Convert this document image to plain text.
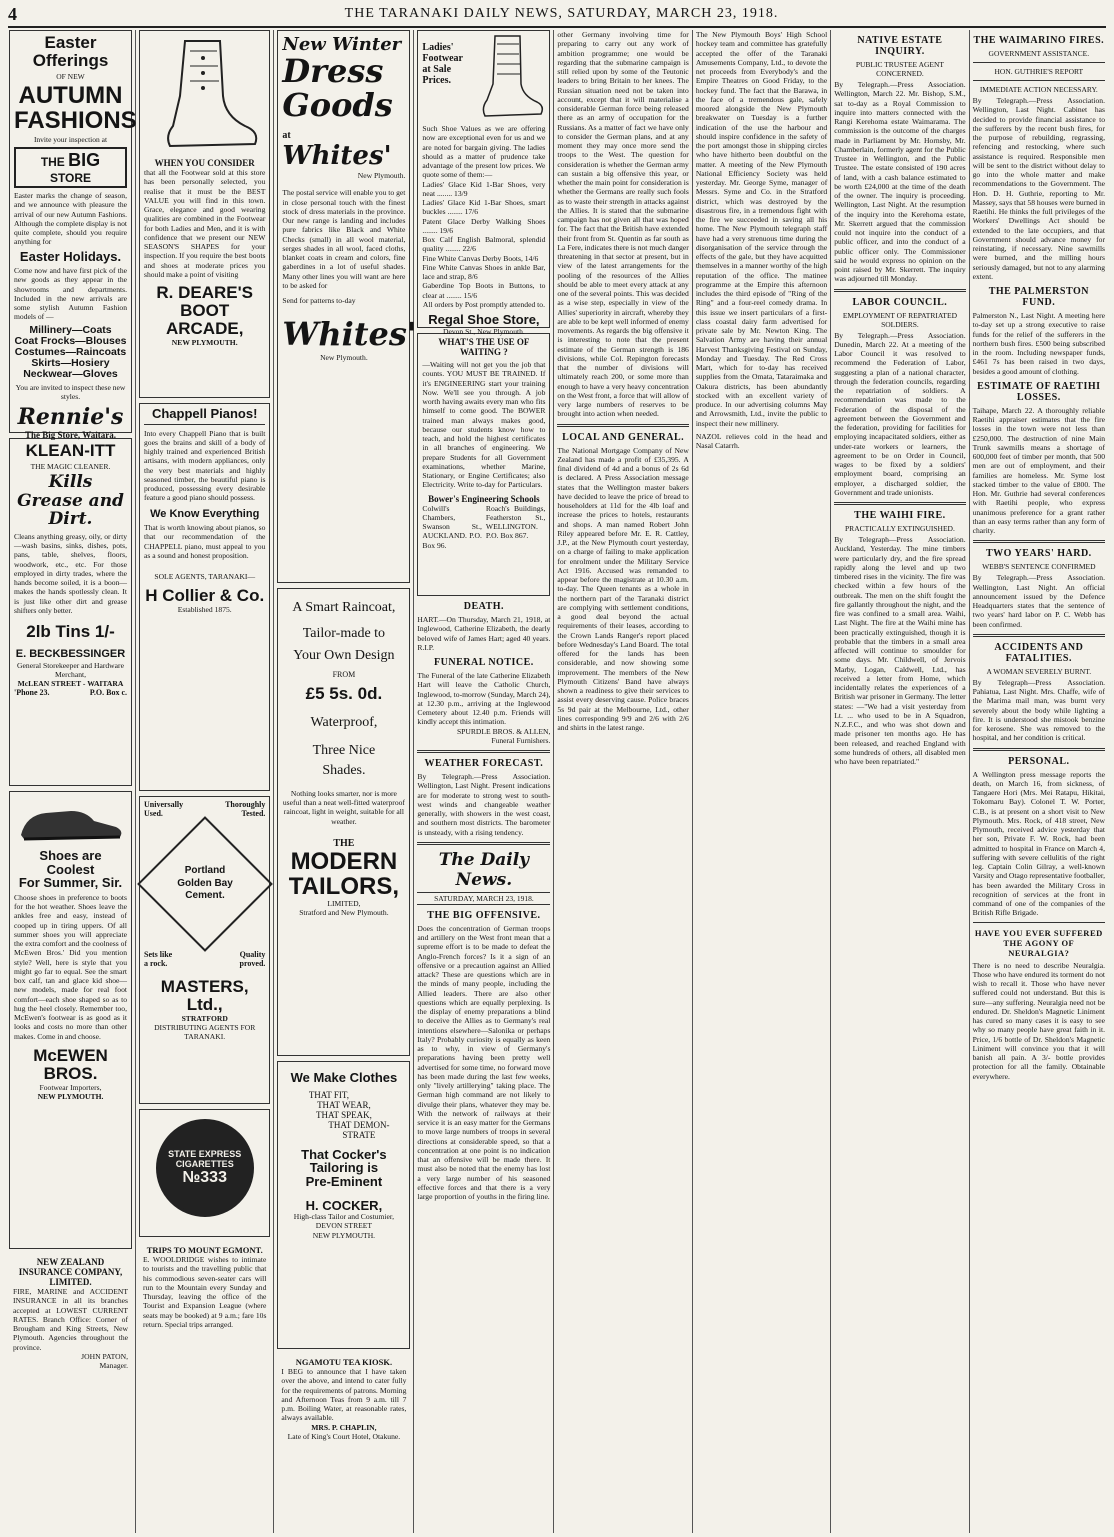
4	THE TARANAKI DAILY NEWS, SATURDAY, MARCH 23, 1918.
Easter
Offerings
OF NEW
AUTUMN
FASHIONS
Invite your inspection at
THE BIG STORE
Easter marks the change of season, and we announce with pleasure the arrival of our new Autumn Fashions. Although the complete display is not quite complete, should you require anything for
Easter Holidays.
Come now and have first pick of the new goods as they appear in the showrooms and departments. Included in the new arrivals are some stylish Autumn Fashion models of —
Millinery—Coats
Coat Frocks—Blouses
Costumes—Raincoats
Skirts—Hosiery
Neckwear—Gloves
You are invited to inspect these new styles.
Rennie's
The Big Store, Waitara.
KLEAN-ITT
THE MAGIC CLEANER.
Kills Grease and Dirt.
Cleans anything greasy, oily, or dirty—wash basins, sinks, dishes, pots, pans, table, shelves, floors, woodwork, etc., etc. For those employed in dirty trades, where the hands become soiled, it is a boon—makes the hands spotlessly clean. It is just like other dirt and grease shifters only better.
2lb Tins 1/-
E. BECKBESSINGER
General Storekeeper and Hardware Merchant,
McLEAN STREET - WAITARA
'Phone 23.	P.O. Box c.
Shoes are Coolest
For Summer, Sir.
Choose shoes in preference to boots for the hot weather. Shoes leave the ankles free and easy, instead of cooped up in tiring uppers. Of all summer shoes you will appreciate the extra comfort and the coolness of McEwen Bros.' Did you mention style? Well, here is style that you might go far to equal. See the smart box calf, tan and glace kid shoe—new models, made for real foot comfort—each shoe shaped so as to hug the heel closely. Remember too, McEwen's footwear is as good as it looks and costs no more than other makes. Come in and choose.
McEWEN BROS.
Footwear Importers,
NEW PLYMOUTH.
NEW ZEALAND INSURANCE COMPANY, LIMITED.
FIRE, MARINE and ACCIDENT INSURANCE in all its branches accepted at LOWEST CURRENT RATES. Branch Office: Corner of Brougham and King Streets, New Plymouth. Agencies throughout the province.
JOHN PATON,
Manager.
WHEN YOU CONSIDER
that all the Footwear sold at this store has been personally selected, you realise that it must be the BEST VALUE you will find in this town. Grace, elegance and good wearing qualities are combined in the Footwear for both Ladies and Men, and it is with confidence that we present our NEW SEASON'S SHAPES for your inspection. If you require the best boots and shoes at moderate prices you should make a point of visiting
R. DEARE'S
BOOT
ARCADE,
NEW PLYMOUTH.
Chappell Pianos!
Into every Chappell Piano that is built goes the brains and skill of a body of highly trained and experienced British artisans, with modern appliances, only the very best materials and highly seasoned timber, the beautiful piano is produced, possessing every desirable feature a good piano should possess.
We Know Everything
That is worth knowing about pianos, so that our recommendation of the CHAPPELL piano, must appeal to you as a sound and honest proposition.
SOLE AGENTS, TARANAKI—
H Collier & Co.
Established 1875.
Universally	Thoroughly
Used.	Tested.
Portland
Golden Bay
Cement.
Sets like	Quality
a rock.	proved.
MASTERS, Ltd.,
STRATFORD
DISTRIBUTING AGENTS FOR TARANAKI.
STATE EXPRESS
CIGARETTES
№333
TRIPS TO MOUNT EGMONT.
E. WOOLDRIDGE wishes to intimate to tourists and the travelling public that his commodious seven-seater cars will run to the Mountain every Sunday and Thursday, leaving the office of the Tourist and Expansion League (where seats may be booked) at 9 a.m.; fare 10s return. Special trips arranged.
New Winter
Dress
Goods
at
Whites'
New Plymouth.
The postal service will enable you to get in close personal touch with the finest stock of dress materials in the province. Our new range is landing and includes pure fabrics like Black and White Checks (small) in all wool material, serges shades in all wool, faced cloths, blanket coats in cream and colors, fine gaberdines in a lot of useful shades. Many other lines you will want are here to be asked for
Send for patterns to-day
Whites'
New Plymouth.
A Smart Raincoat,
Tailor-made to
Your Own Design
FROM
£5 5s. 0d.
Waterproof,
Three Nice
Shades.
Nothing looks smarter, nor is more useful than a neat well-fitted waterproof raincoat, light in weight, suitable for all weather.
THE
MODERN
TAILORS,
LIMITED,
Stratford and New Plymouth.
We Make Clothes
THAT FIT,
THAT WEAR,
THAT SPEAK,
THAT DEMON-
STRATE
That Cocker's
Tailoring is
Pre-Eminent
H. COCKER,
High-class Tailor and Costumier,
DEVON STREET
NEW PLYMOUTH.
NGAMOTU TEA KIOSK.
I BEG to announce that I have taken over the above, and intend to cater fully for the requirements of patrons. Morning and Afternoon Teas from 9 a.m. till 7 p.m. Boiling Water, at reasonable rates, always available.
MRS. P. CHAPLIN,
Late of King's Court Hotel, Otakune.
Ladies'
Footwear
at Sale
Prices.
Such Shoe Values as we are offering now are exceptional even for us and we are noted for bargain giving. The ladies should as a matter of prudence take advantage of the present low prices. We quote some of them:—
Ladies' Glace Kid 1-Bar Shoes, very neat ........ 13/9
Ladies' Glace Kid 1-Bar Shoes, smart buckles ........ 17/6
Patent Glace Derby Walking Shoes ........ 19/6
Box Calf English Balmoral, splendid quality ........ 22/6
Fine White Canvas Derby Boots, 14/6
Fine White Canvas Shoes in ankle Bar, lace and strap, 8/6
Gaberdine Top Boots in Buttons, to clear at ........ 15/6
All orders by Post promptly attended to.
Regal Shoe Store,
Devon St., New Plymouth.
WHAT'S THE USE OF WAITING ?
—Waiting will not get you the job that counts. YOU MUST BE TRAINED. If it's ENGINEERING start your training Now. We'll see you through. A job worth having awaits every man who fits himself to come good. The BOWER trained man always makes good, because our students know how to teach, and hold the highest certificates in all branches of engineering. We prepare Students for all Government examinations, whether Marine, Stationary, or Engine Certificates; also Electricity. Write to-day for Particulars.
Bower's Engineering Schools
Colwill's Chambers, Swanson St., AUCKLAND. P.O. Box 96.
Roach's Buildings, Featherston St., WELLINGTON. P.O. Box 867.
DEATH.
HART.—On Thursday, March 21, 1918, at Inglewood, Catherine Elizabeth, the dearly beloved wife of James Hart; aged 40 years. R.I.P.
FUNERAL NOTICE.
The Funeral of the late Catherine Elizabeth Hart will leave the Catholic Church, Inglewood, to-morrow (Sunday, March 24), at 12.30 p.m., arriving at the Inglewood Cemetery about 12.40 p.m. Friends will kindly accept this intimation.
SPURDLE BROS. & ALLEN,
Funeral Furnishers.
WEATHER FORECAST.
By Telegraph.—Press Association. Wellington, Last Night. Present indications are for moderate to strong west to south-west winds and changeable weather generally, with showers in the west coast, and southern most districts. The barometer is unsteady, with a rising tendency.
The Daily News.
SATURDAY, MARCH 23, 1918.
THE BIG OFFENSIVE.
Does the concentration of German troops and artillery on the West front mean that a supreme effort is to be made to defeat the Anglo-French forces? Is it a sign of an offensive or a precaution against an Allied attack? These are questions which are in the minds of many people, including the Allied leaders. There are also other questions which are equally perplexing. Is the display of enemy preparations a blind to deceive the Allies as to Germany's real intentions elsewhere—Salonika or perhaps Italy? Probably curiosity is equally as keen as to why, in view of Germany's preparations having been pretty well advertised for some time, no forward move has been made during the last few weeks, only "lively artillerying" taking place. The German high command are not likely to divulge their plans, whatever they may be. With the network of railways at their service it is an easy matter for the Germans to move large numbers of troops in several directions at considerable speed, so that a concentration at one point is no indication that an offensive will be made there. It must also be noted that the enemy has lost a very large number of his seasoned effective forces and that there is a very large proportion of youths in the firing line.
other Germany involving time for preparing to carry out any work of ambition programme; one would be regarding that the submarine campaign is still relied upon by some of the Teutonic leaders to bring Britain to her knees. The Russian situation need not be taken into account, except that it will materialise a considerable German force being released there as an army of occupation for the Russians. As a matter of fact we have only to consider the German plans, and at any moment they may once more send the troops to the West. The question for consideration is whether the German army can sustain a big offensive this year, or whether the main point for consideration is whether the Germans are really such fools as to waste their strength in attacks against the Allies. It is stated that the submarine campaign has not given all that was hoped for. The fact that the British have extended their front from St. Quentin as far south as La Fere, indicates there is not much danger threatening in that sector at present, but in view of the latest arrangements for the pooling of the resources of the Allies should be able to meet every attack at any one of the several points. This was decided as a wise step, especially in view of the Allies' superiority in aircraft, whereby they are able to be kept well informed of enemy movements. As regards the big offensive it is interesting to note that the present estimate of the German strength is 186 divisions, while Col. Repington forecasts that the number of divisions will ultimately reach 200, or some more than enough to have a very heavy concentration on the West front, a force that will allow of very large numbers of reserves to be brought into action when needed.
LOCAL AND GENERAL.
The National Mortgage Company of New Zealand has made a profit of £35,395. A final dividend of 4d and a bonus of 2s 6d is declared. A Press Association message states that the Wellington master bakers have decided to leave the price of bread to householders at 11d for the 4lb loaf and increase the prices to hotels, restaurants and shops. A man named Robert John Riley appeared before Mr. E. R. Cattley, J.P., at the New Plymouth court yesterday, on a charge of failing to make application for enrolment under the Military Service Act 1916. Accused was remanded to appear before the magistrate at 10.30 a.m. to-day. The Queen tenants as a whole in the northern part of the Taranaki district are complying with settlement conditions, a good deal beyond the actual requirements of their leases, according to the Crown Lands Ranger's report placed before Wednesday's Land Board. The total offered for the lands has been considerable, and now showing some improvement. The members of the New Plymouth Citizens' Band have always shown a readiness to give their services to assist every deserving cause. Police braces 5s 9d pair at the Melbourne, Ltd., other lines corresponding 9/9 and 2/6 with 2/6 and shirts in the latest range.
The New Plymouth Boys' High School hockey team and committee has gratefully accepted the offer of the Taranaki Amusements Company, Ltd., to devote the net proceeds from Everybody's and the Empire Theatres on Good Friday, to the hockey fund. The fact that the Barawa, in the face of a tremendous gale, safely moored alongside the New Plymouth breakwater on Tuesday is a further indication of the use the harbour and should inspire confidence in the safety of the port amongst those in shipping circles who have hitherto been doubtful on the matter. A meeting of the New Plymouth National Efficiency Society was held yesterday. Mr. George Syme, manager of Messrs. Syme and Co. in the Stratford district, which was destroyed by the disastrous fire, in a tremendous fight with the fire we succeeded in saving all his home. The New Plymouth telegraph staff have had a very strenuous time during the disorganisation of the service through the effects of the gale, but they have acquitted themselves in a manner worthy of the high reputation of the office. The matinee programme at the Empire this afternoon includes the third episode of "Ring of the Ring" and a four-reel comedy drama. In this issue we insert particulars of a first-class coastal dairy farm advertised for private sale by Mr. Newton King. The Salvation Army are having their annual Harvest Thanksgiving Festival on Sunday, Monday and Tuesday. The Red Cross Mart, which for to-day has received supplies from the Omata, Tataraimaka and Oakura districts, has been abundantly stocked with an excellent variety of produce. In our advertising columns May and Arrowsmith, Ltd., invite the public to inspect their new millinery.
NAZOL relieves cold in the head and Nasal Catarrh.
NATIVE ESTATE INQUIRY.
PUBLIC TRUSTEE AGENT CONCERNED.
By Telegraph.—Press Association. Wellington, March 22. Mr. Bishop, S.M., sat to-day as a Royal Commission to inquire into matters connected with the Rangi Kerehoma estate Waimarama. The commission is the outcome of the charges made in Parliament by Mr. Hornsby, Mr. Chamberlain, formerly agent for the Public Trustee in Wellington, and the Public Trustee. The estate consisted of 190 acres of land, with a cash balance estimated to be worth £24,000 at the time of the death of the owner. The inquiry is proceeding. Wellington, Last Night. At the resumption of the inquiry into the Kerehoma estate, Mr. Skerrett argued that the commission could not inquire into the conduct of a public officer, and into the conduct of a public officer only. The Commissioner said he would express no opinion on the point raised by Mr. Skerrett. The inquiry was adjourned till Monday.
LABOR COUNCIL.
EMPLOYMENT OF REPATRIATED SOLDIERS.
By Telegraph.—Press Association. Dunedin, March 22. At a meeting of the Labor Council it was resolved to recommend the Federation of Labor, suggesting a plan of a national character, through the federation councils, regarding the repatriation of soldiers. A recommendation was made to the Federation of the disposal of the agreement between the Government and the federation, providing for facilities for employing incapacitated soldiers, either as under-rate workers or learners, the agreement to be on Order in Council, wages to be fixed by a soldiers' employment board, comprising an employer, a discharged soldier, the Government and trade unionists.
THE WAIHI FIRE.
PRACTICALLY EXTINGUISHED.
By Telegraph—Press Association. Auckland, Yesterday. The mine timbers were particularly dry, and the fire spread rapidly along the level and up two timbered rises in the vicinity. The fire was checked within a few hours of the outbreak. The men on the shift fought the fire gallantly throughout the night, and the fire was confined to a small area. Waihi, Last Night. The fire at the Waihi mine has been practically extinguished, though it is probable that the timbers in a small area affected will continue to smoulder for some days. Mr. Childwell, of Jervois Marby, Logan, Caldwell, Ltd., has received a letter from Home, which incidentally relates the experiences of a British war prisoner in Germany. The letter states: —"We had a visit yesterday from Lt. ... who used to be in A Squadron, N.Z.F.C., and who was shot down and made prisoner ten months ago. He has been released, and reached England with some hundreds of others, all disabled men who have been repatriated."
THE WAIMARINO FIRES.
GOVERNMENT ASSISTANCE.
HON. GUTHRIE'S REPORT
IMMEDIATE ACTION NECESSARY.
By Telegraph.—Press Association. Wellington, Last Night. Cabinet has decided to provide financial assistance to the sufferers by the recent bush fires, for the purpose of rebuilding, regrassing, refencing and restocking, where such assistance is required. Responsible men will be sent to the district without delay to go into the whole matter and make recommendations to the Government. The Hon. D. H. Guthrie, reporting to Mr. Massey, says that 58 houses were burned in Raetihi. He thinks the full privileges of the Workers' Dwellings Act should be extended to the late occupiers, and that Government should advance money for reinstating, if necessary. Nine sawmills were burned, and the milling hours seriously damaged, but not to any alarming extent.
THE PALMERSTON FUND.
Palmerston N., Last Night. A meeting here to-day set up a strong executive to raise funds for the relief of the sufferers in the northern bush fires. £500 being subscribed in the room. Including newspaper funds, £461 7s has been raised in two days, besides a good amount of clothing.
ESTIMATE OF RAETIHI LOSSES.
Taihape, March 22. A thoroughly reliable Raetihi appraiser estimates that the fire losses in the town were not less than £250,000. The destruction of nine Main Trunk sawmills means a shortage of 600,000 feet of timber per month, that 500 men are out of employment, and their families are homeless. Mr. Syme lost stacked timber to the value of £800. The Hon. Mr. Guthrie had several conferences with Raetihi people, who express unanimous preference for a grant rather than an easy terms rather than any form of charity.
TWO YEARS' HARD.
WEBB'S SENTENCE CONFIRMED
By Telegraph.—Press Association. Wellington, Last Night. An official announcement issued by the Defence Headquarters states that the sentence of two years' hard labor on P. C. Webb has been confirmed.
ACCIDENTS AND FATALITIES.
A WOMAN SEVERELY BURNT.
By Telegraph—Press Association. Pahiatua, Last Night. Mrs. Chaffe, wife of the Marima mail man, was burnt very severely about the body while lighting a fire. It is understood she mistook benzine for kerosene. She was removed to the hospital, and her condition is critical.
PERSONAL.
A Wellington press message reports the death, on March 16, from sickness, of Tangaere Hori (Mrs. Mei Ratapu, Hikitai, Tokomaru Bay). Colonel T. W. Porter, C.B., is at present on a short visit to New Plymouth. Mrs. Rock, of 418 street, New Plymouth, received advice yesterday that her son, Private F. W. Rock, had been admitted to hospital in France on March 4, suffering with severe cellulitis of the right leg. Captain Colin Gilray, a well-known Varsity and Otago representative footballer, has been awarded the Military Cross in recognition of services at the front in command of one of the companies of the British Rifle Brigade.
HAVE YOU EVER SUFFERED THE AGONY OF NEURALGIA?
There is no need to describe Neuralgia. Those who have endured its torment do not wish to recall it. Those who have never suffered could not understand. But this is sure—any suffering. Neuralgia need not be endured. Dr. Sheldon's Magnetic Liniment has cured so many cases it is easy to see why so many people have great faith in it. Price, 1/6 bottle of Dr. Sheldon's Magnetic Liniment will convince you that it will banish all pain. A 3/- bottle provides protection for all the family. Obtainable everywhere.
